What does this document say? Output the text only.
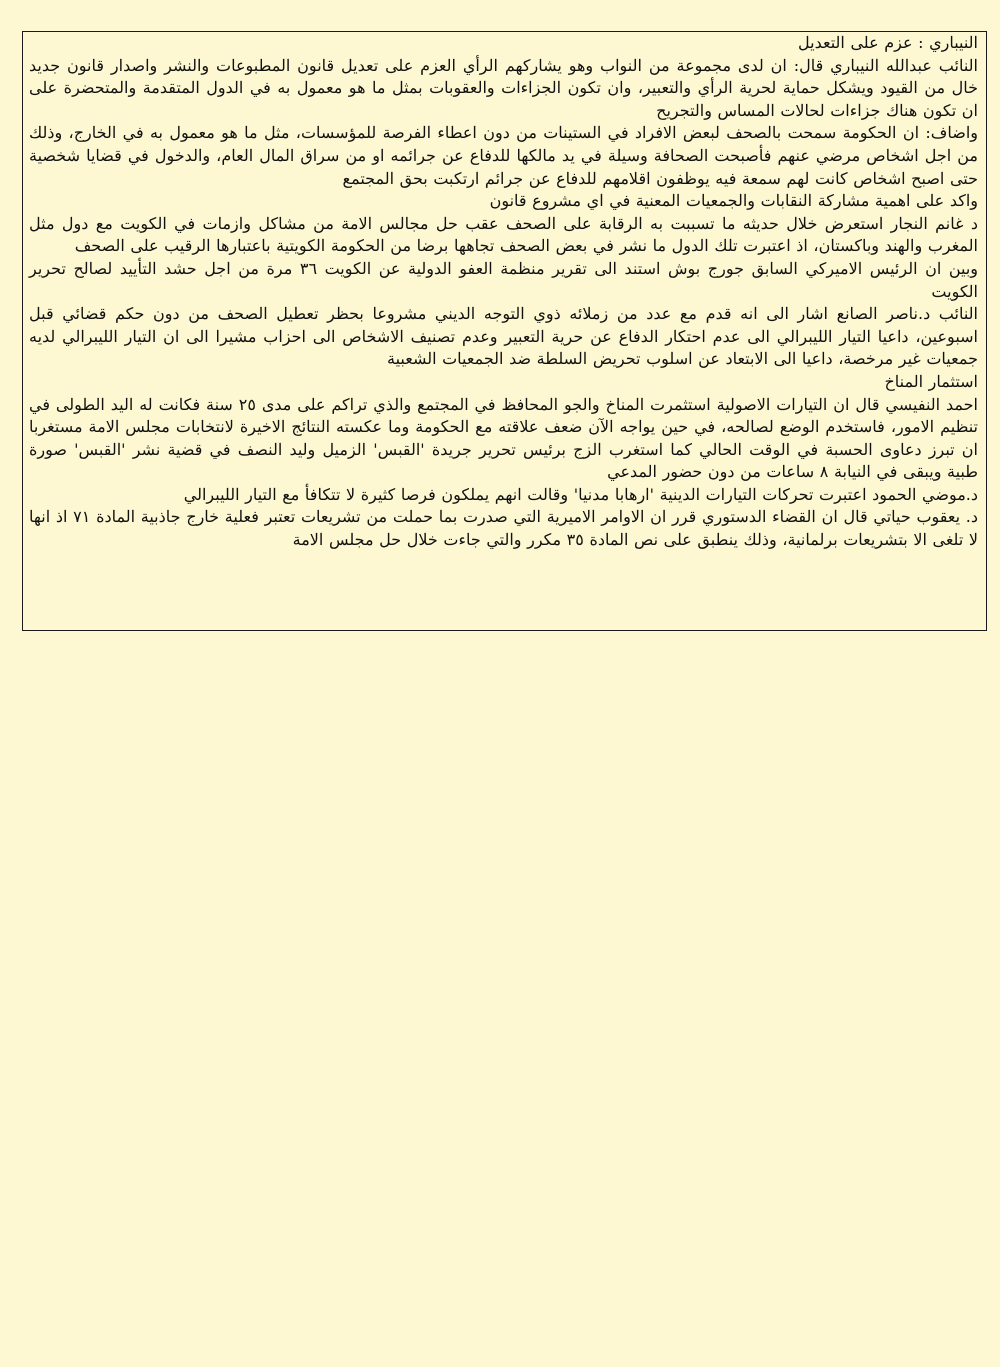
النيباري : عزم على التعديل

النائب عبدالله النيباري قال: ان لدى مجموعة من النواب وهو يشاركهم الرأي العزم على تعديل قانون المطبوعات والنشر واصدار قانون جديد خال من القيود ويشكل حماية لحرية الرأي والتعبير، وان تكون الجزاءات والعقوبات بمثل ما هو معمول به في الدول المتقدمة والمتحضرة على ان تكون هناك جزاءات لحالات المساس والتجريح

واضاف: ان الحكومة سمحت بالصحف لبعض الافراد في الستينات من دون اعطاء الفرصة للمؤسسات، مثل ما هو معمول به في الخارج، وذلك من اجل اشخاص مرضي عنهم فأصبحت الصحافة وسيلة في يد مالكها للدفاع عن جرائمه او من سراق المال العام، والدخول في قضايا شخصية حتى اصبح اشخاص كانت لهم سمعة فيه يوظفون اقلامهم للدفاع عن جرائم ارتكبت بحق المجتمع

واكد على اهمية مشاركة النقابات والجمعيات المعنية في اي مشروع قانون

د غانم النجار استعرض خلال حديثه ما تسببت به الرقابة على الصحف عقب حل مجالس الامة من مشاكل وازمات في الكويت مع دول مثل المغرب والهند وباكستان، اذ اعتبرت تلك الدول ما نشر في بعض الصحف تجاهها برضا من الحكومة الكويتية باعتبارها الرقيب على الصحف

وبين ان الرئيس الاميركي السابق جورج بوش استند الى تقرير منظمة العفو الدولية عن الكويت ٣٦ مرة من اجل حشد التأييد لصالح تحرير الكويت

النائب د.ناصر الصانع اشار الى انه قدم مع عدد من زملائه ذوي التوجه الديني مشروعا بحظر تعطيل الصحف من دون حكم قضائي قبل اسبوعين، داعيا التيار الليبرالي الى عدم احتكار الدفاع عن حرية التعبير وعدم تصنيف الاشخاص الى احزاب مشيرا الى ان التيار الليبرالي لديه جمعيات غير مرخصة، داعيا الى الابتعاد عن اسلوب تحريض السلطة ضد الجمعيات الشعبية

استثمار المناخ

احمد النفيسي قال ان التيارات الاصولية استثمرت المناخ والجو المحافظ في المجتمع والذي تراكم على مدى ٢٥ سنة فكانت له اليد الطولى في تنظيم الامور، فاستخدم الوضع لصالحه، في حين يواجه الآن ضعف علاقته مع الحكومة وما عكسته النتائج الاخيرة لانتخابات مجلس الامة مستغربا ان تبرز دعاوى الحسبة في الوقت الحالي كما استغرب الزج برئيس تحرير جريدة 'القبس' الزميل وليد النصف في قضية نشر 'القبس' صورة طبية ويبقى في النيابة ٨ ساعات من دون حضور المدعي

د.موضي الحمود اعتبرت تحركات التيارات الدينية 'ارهابا مدنيا' وقالت انهم يملكون فرصا كثيرة لا تتكافأ مع التيار الليبرالي

د. يعقوب حياتي قال ان القضاء الدستوري قرر ان الاوامر الاميرية التي صدرت بما حملت من تشريعات تعتبر فعلية خارج جاذبية المادة ٧١ اذ انها لا تلغى الا بتشريعات برلمانية، وذلك ينطبق على نص المادة ٣٥ مكرر والتي جاءت خلال حل مجلس الامة
